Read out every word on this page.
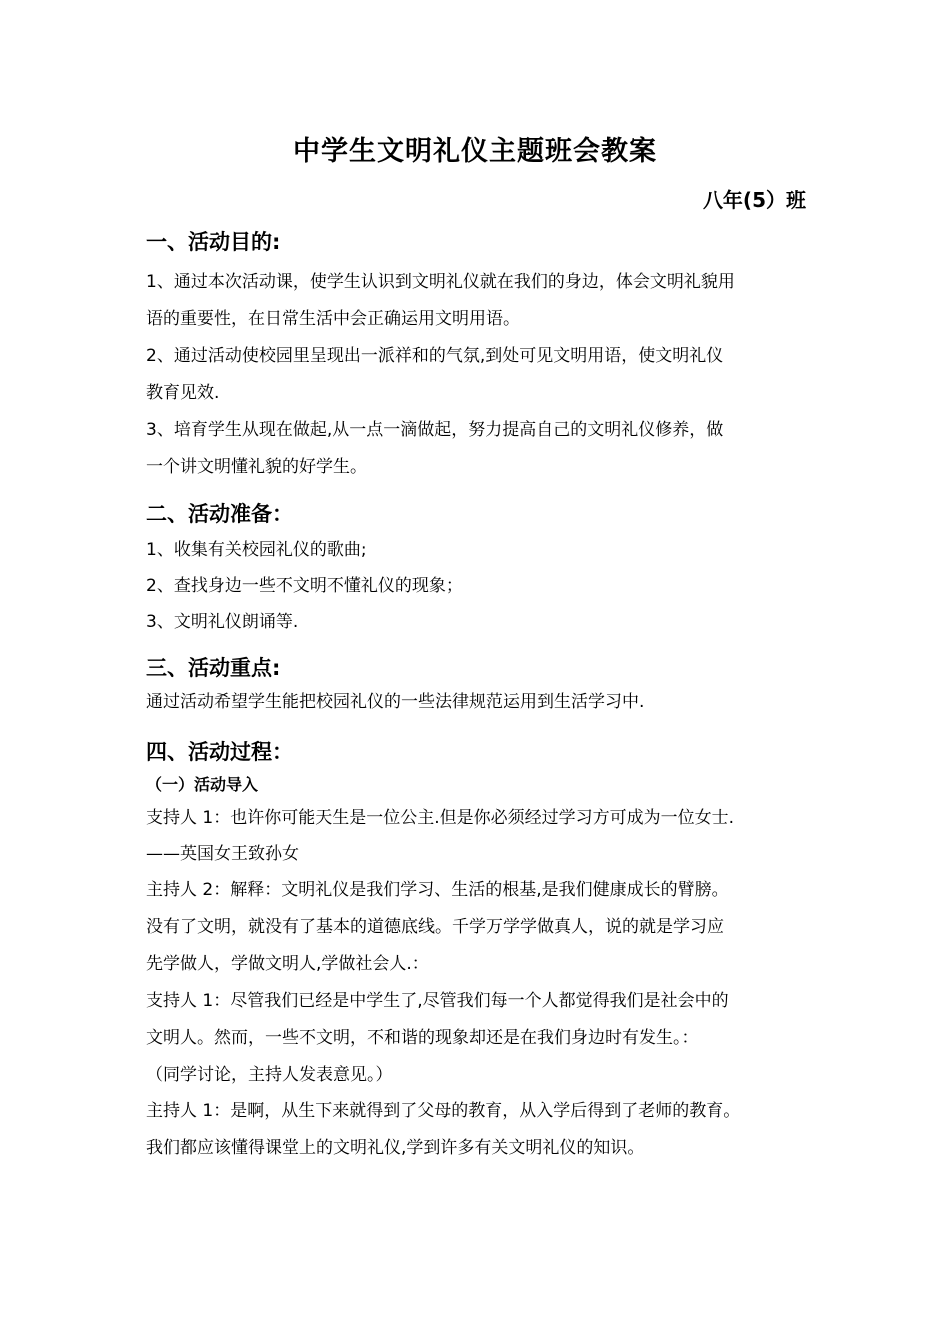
中学生文明礼仪主题班会教案
八年(5）班
一、活动目的:
1、通过本次活动课，使学生认识到文明礼仪就在我们的身边，体会文明礼貌用
语的重要性，在日常生活中会正确运用文明用语。
2、通过活动使校园里呈现出一派祥和的气氛,到处可见文明用语，使文明礼仪
教育见效.
3、培育学生从现在做起,从一点一滴做起，努力提高自己的文明礼仪修养，做
一个讲文明懂礼貌的好学生。
二、活动准备：
1、收集有关校园礼仪的歌曲;
2、查找身边一些不文明不懂礼仪的现象；
3、文明礼仪朗诵等.
三、活动重点:
通过活动希望学生能把校园礼仪的一些法律规范运用到生活学习中.
四、活动过程：
（一）活动导入
支持人 1：也许你可能天生是一位公主.但是你必须经过学习方可成为一位女士.
——英国女王致孙女
主持人 2：解释：文明礼仪是我们学习、生活的根基,是我们健康成长的臂膀。
没有了文明，就没有了基本的道德底线。千学万学学做真人，说的就是学习应
先学做人，学做文明人,学做社会人.：
支持人 1：尽管我们已经是中学生了,尽管我们每一个人都觉得我们是社会中的
文明人。然而，一些不文明，不和谐的现象却还是在我们身边时有发生。：
（同学讨论，主持人发表意见。）
主持人 1：是啊，从生下来就得到了父母的教育，从入学后得到了老师的教育。
我们都应该懂得课堂上的文明礼仪,学到许多有关文明礼仪的知识。
